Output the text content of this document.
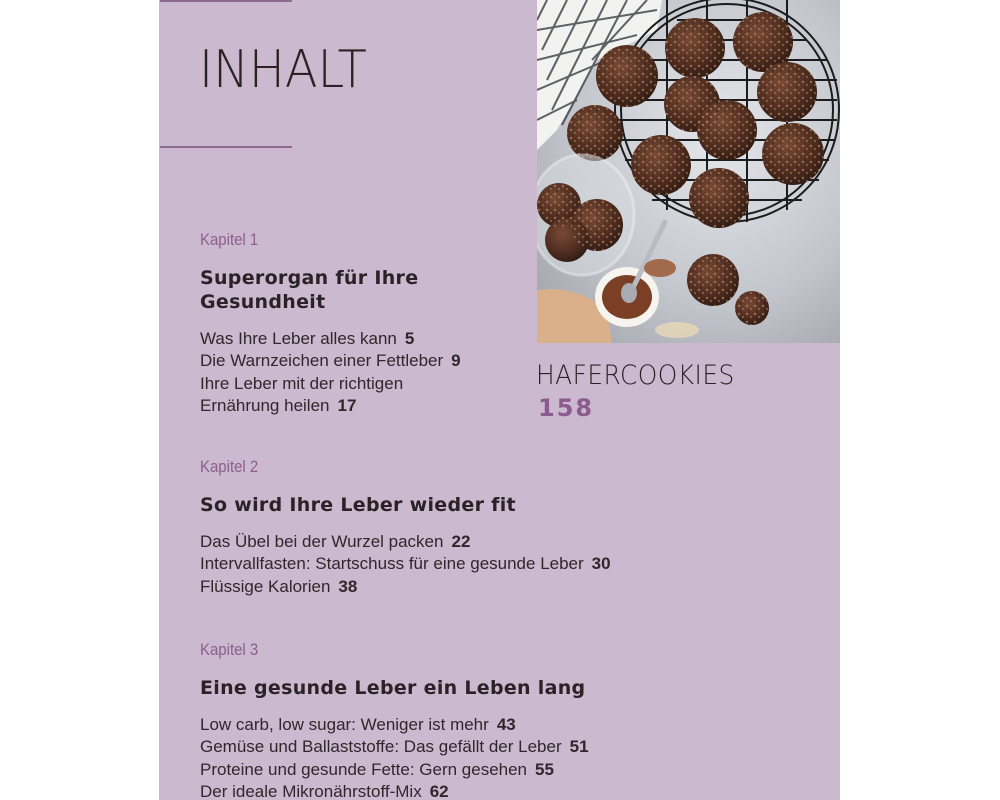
INHALT
Kapitel 1
Superorgan für Ihre Gesundheit
Was Ihre Leber alles kann 5
Die Warnzeichen einer Fettleber 9
Ihre Leber mit der richtigen
Ernährung heilen 17
Kapitel 2
So wird Ihre Leber wieder fit
Das Übel bei der Wurzel packen 22
Intervallfasten: Startschuss für eine gesunde Leber 30
Flüssige Kalorien 38
Kapitel 3
Eine gesunde Leber ein Leben lang
Low carb, low sugar: Weniger ist mehr 43
Gemüse und Ballaststoffe: Das gefällt der Leber 51
Proteine und gesunde Fette: Gern gesehen 55
Der ideale Mikronährstoff-Mix 62
HAFERCOOKIES
158
